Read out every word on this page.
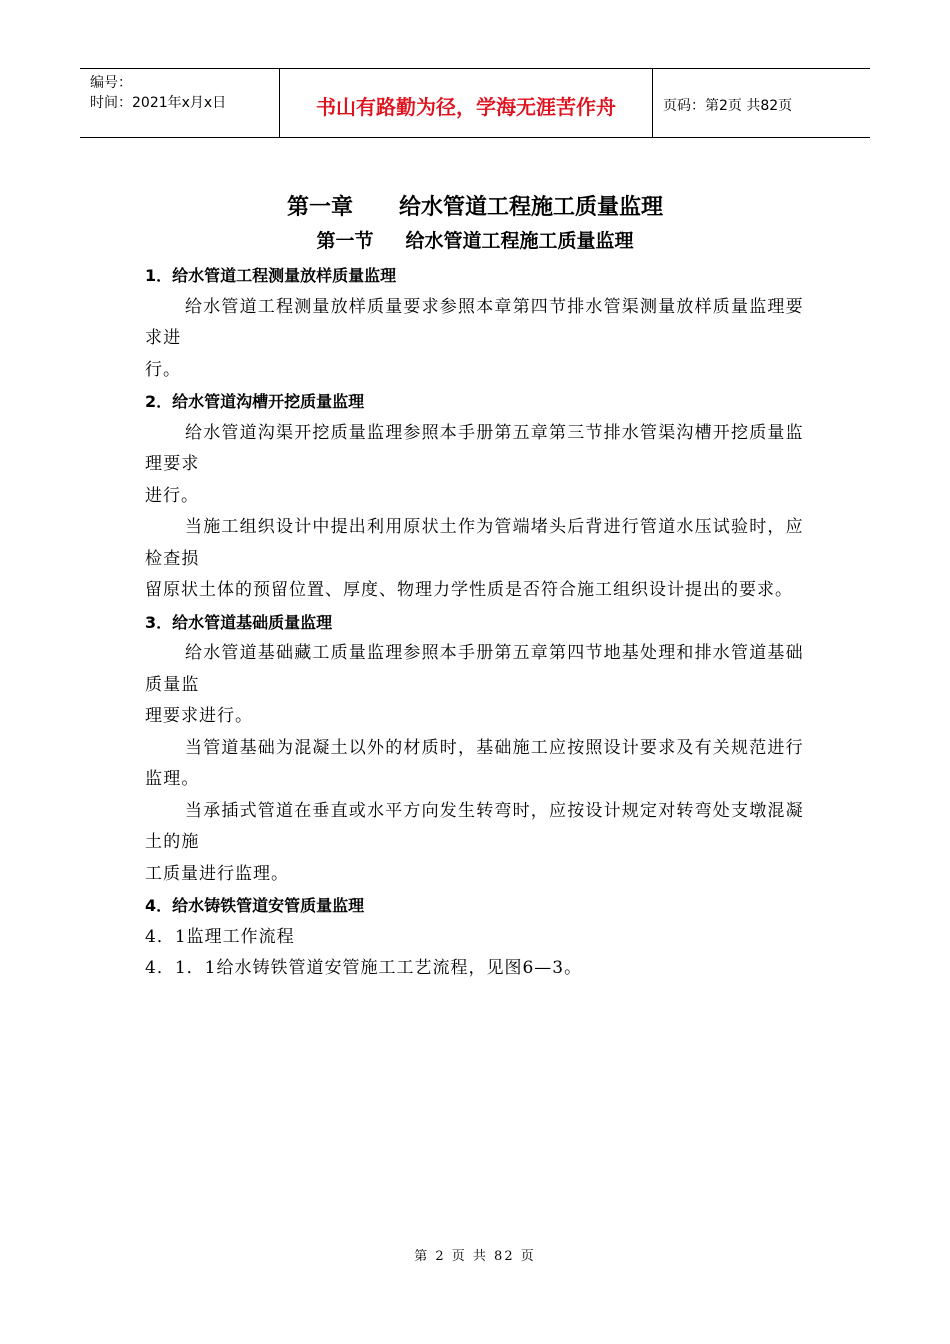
编号：
时间：2021年x月x日	书山有路勤为径，学海无涯苦作舟	页码：第2页 共82页
第一章 给水管道工程施工质量监理
第一节 给水管道工程施工质量监理

1．给水管道工程测量放样质量监理

给水管道工程测量放样质量要求参照本章第四节排水管渠测量放样质量监理要求进

行。

2．给水管道沟槽开挖质量监理

给水管道沟渠开挖质量监理参照本手册第五章第三节排水管渠沟槽开挖质量监理要求

进行。

当施工组织设计中提出利用原状土作为管端堵头后背进行管道水压试验时，应检查损

留原状土体的预留位置、厚度、物理力学性质是否符合施工组织设计提出的要求。

3．给水管道基础质量监理

给水管道基础藏工质量监理参照本手册第五章第四节地基处理和排水管道基础质量监

理要求进行。

当管道基础为混凝土以外的材质时，基础施工应按照设计要求及有关规范进行监理。

当承插式管道在垂直或水平方向发生转弯时，应按设计规定对转弯处支墩混凝土的施

工质量进行监理。

4．给水铸铁管道安管质量监理

4．1监理工作流程

4．1．1给水铸铁管道安管施工工艺流程，见图6—3。

第 2 页 共 82 页
